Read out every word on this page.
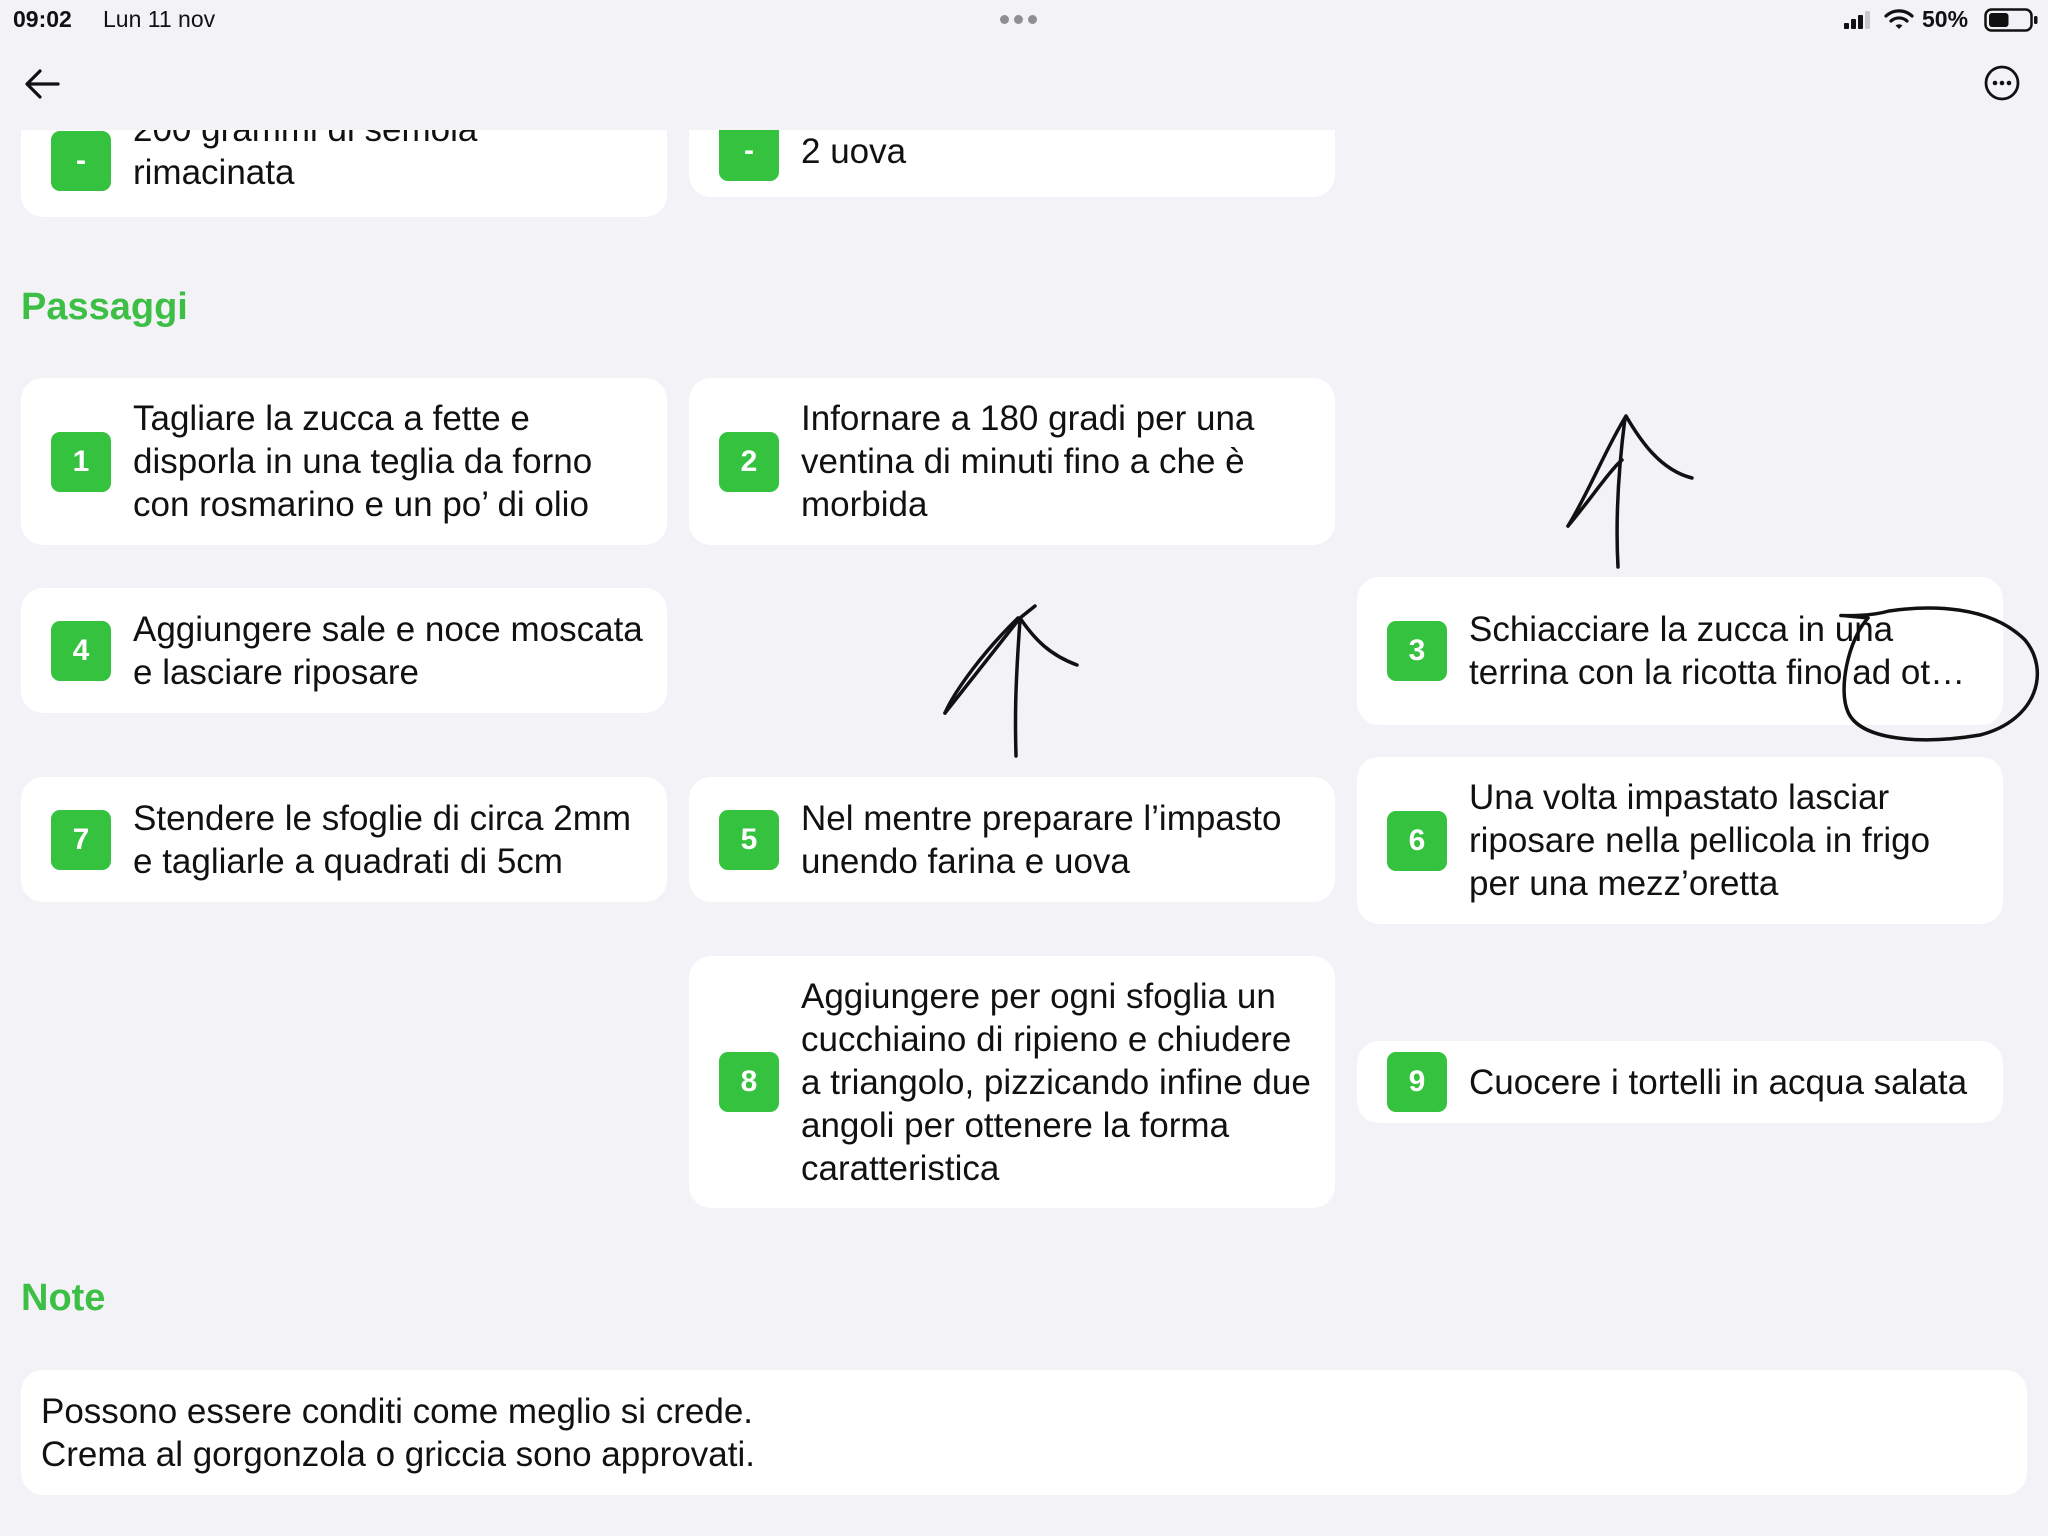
09:02 Lun 11 nov	50%
-	rimacinata
-	2 uova
Passaggi
1
Tagliare la zucca a fette e disporla in una teglia da forno con rosmarino e un po’ di olio
2
Infornare a 180 gradi per una ventina di minuti fino a che è morbida
3
Schiacciare la zucca in una terrina con la ricotta fino ad ot…
4
Aggiungere sale e noce moscata e lasciare riposare
5
Nel mentre preparare l’impasto unendo farina e uova
6
Una volta impastato lasciar riposare nella pellicola in frigo per una mezz’oretta
7
Stendere le sfoglie di circa 2mm e tagliarle a quadrati di 5cm
8
Aggiungere per ogni sfoglia un cucchiaino di ripieno e chiudere a triangolo, pizzicando infine due angoli per ottenere la forma caratteristica
9	Cuocere i tortelli in acqua salata
Note
Possono essere conditi come meglio si crede.
Crema al gorgonzola o griccia sono approvati.
